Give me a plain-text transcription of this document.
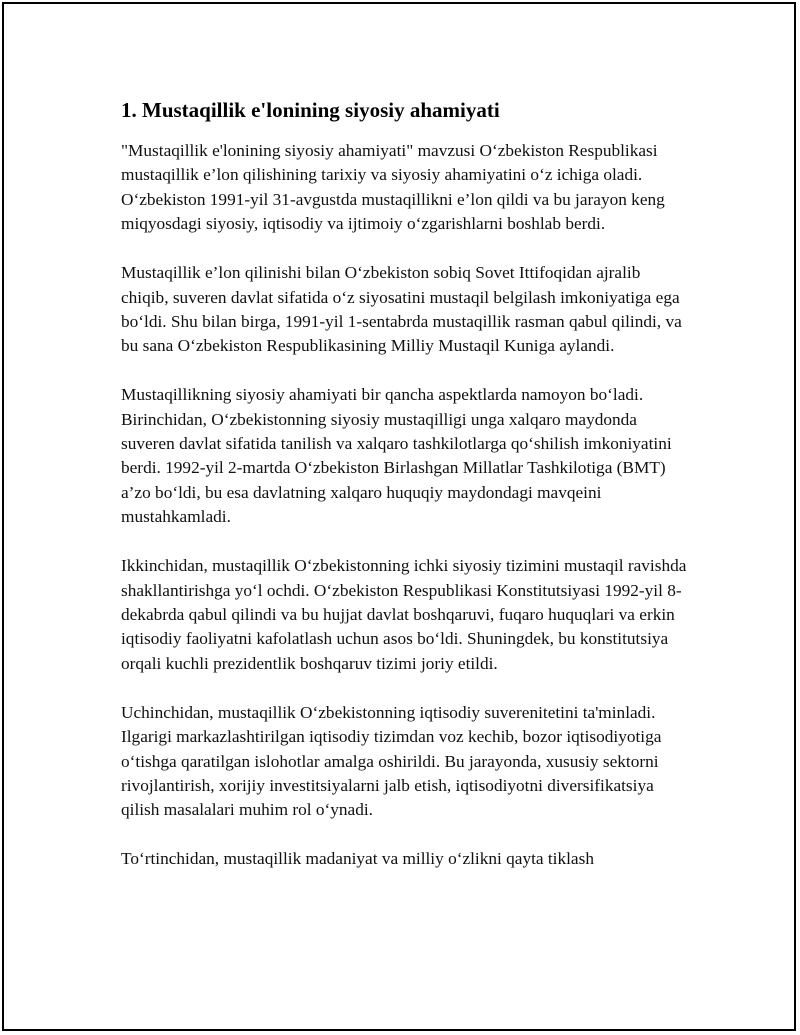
1. Mustaqillik e'lonining siyosiy ahamiyati

"Mustaqillik e'lonining siyosiy ahamiyati" mavzusi O‘zbekiston Respublikasi mustaqillik e’lon qilishining tarixiy va siyosiy ahamiyatini o‘z ichiga oladi. O‘zbekiston 1991-yil 31-avgustda mustaqillikni e’lon qildi va bu jarayon keng miqyosdagi siyosiy, iqtisodiy va ijtimoiy o‘zgarishlarni boshlab berdi.

Mustaqillik e’lon qilinishi bilan O‘zbekiston sobiq Sovet Ittifoqidan ajralib chiqib, suveren davlat sifatida o‘z siyosatini mustaqil belgilash imkoniyatiga ega bo‘ldi. Shu bilan birga, 1991-yil 1-sentabrda mustaqillik rasman qabul qilindi, va bu sana O‘zbekiston Respublikasining Milliy Mustaqil Kuniga aylandi.

Mustaqillikning siyosiy ahamiyati bir qancha aspektlarda namoyon bo‘ladi. Birinchidan, O‘zbekistonning siyosiy mustaqilligi unga xalqaro maydonda suveren davlat sifatida tanilish va xalqaro tashkilotlarga qo‘shilish imkoniyatini berdi. 1992-yil 2-martda O‘zbekiston Birlashgan Millatlar Tashkilotiga (BMT) a’zo bo‘ldi, bu esa davlatning xalqaro huquqiy maydondagi mavqeini mustahkamladi.

Ikkinchidan, mustaqillik O‘zbekistonning ichki siyosiy tizimini mustaqil ravishda shakllantirishga yo‘l ochdi. O‘zbekiston Respublikasi Konstitutsiyasi 1992-yil 8-dekabrda qabul qilindi va bu hujjat davlat boshqaruvi, fuqaro huquqlari va erkin iqtisodiy faoliyatni kafolatlash uchun asos bo‘ldi. Shuningdek, bu konstitutsiya orqali kuchli prezidentlik boshqaruv tizimi joriy etildi.

Uchinchidan, mustaqillik O‘zbekistonning iqtisodiy suverenitetini ta'minladi. Ilgarigi markazlashtirilgan iqtisodiy tizimdan voz kechib, bozor iqtisodiyotiga o‘tishga qaratilgan islohotlar amalga oshirildi. Bu jarayonda, xususiy sektorni rivojlantirish, xorijiy investitsiyalarni jalb etish, iqtisodiyotni diversifikatsiya qilish masalalari muhim rol o‘ynadi.

To‘rtinchidan, mustaqillik madaniyat va milliy o‘zlikni qayta tiklash
